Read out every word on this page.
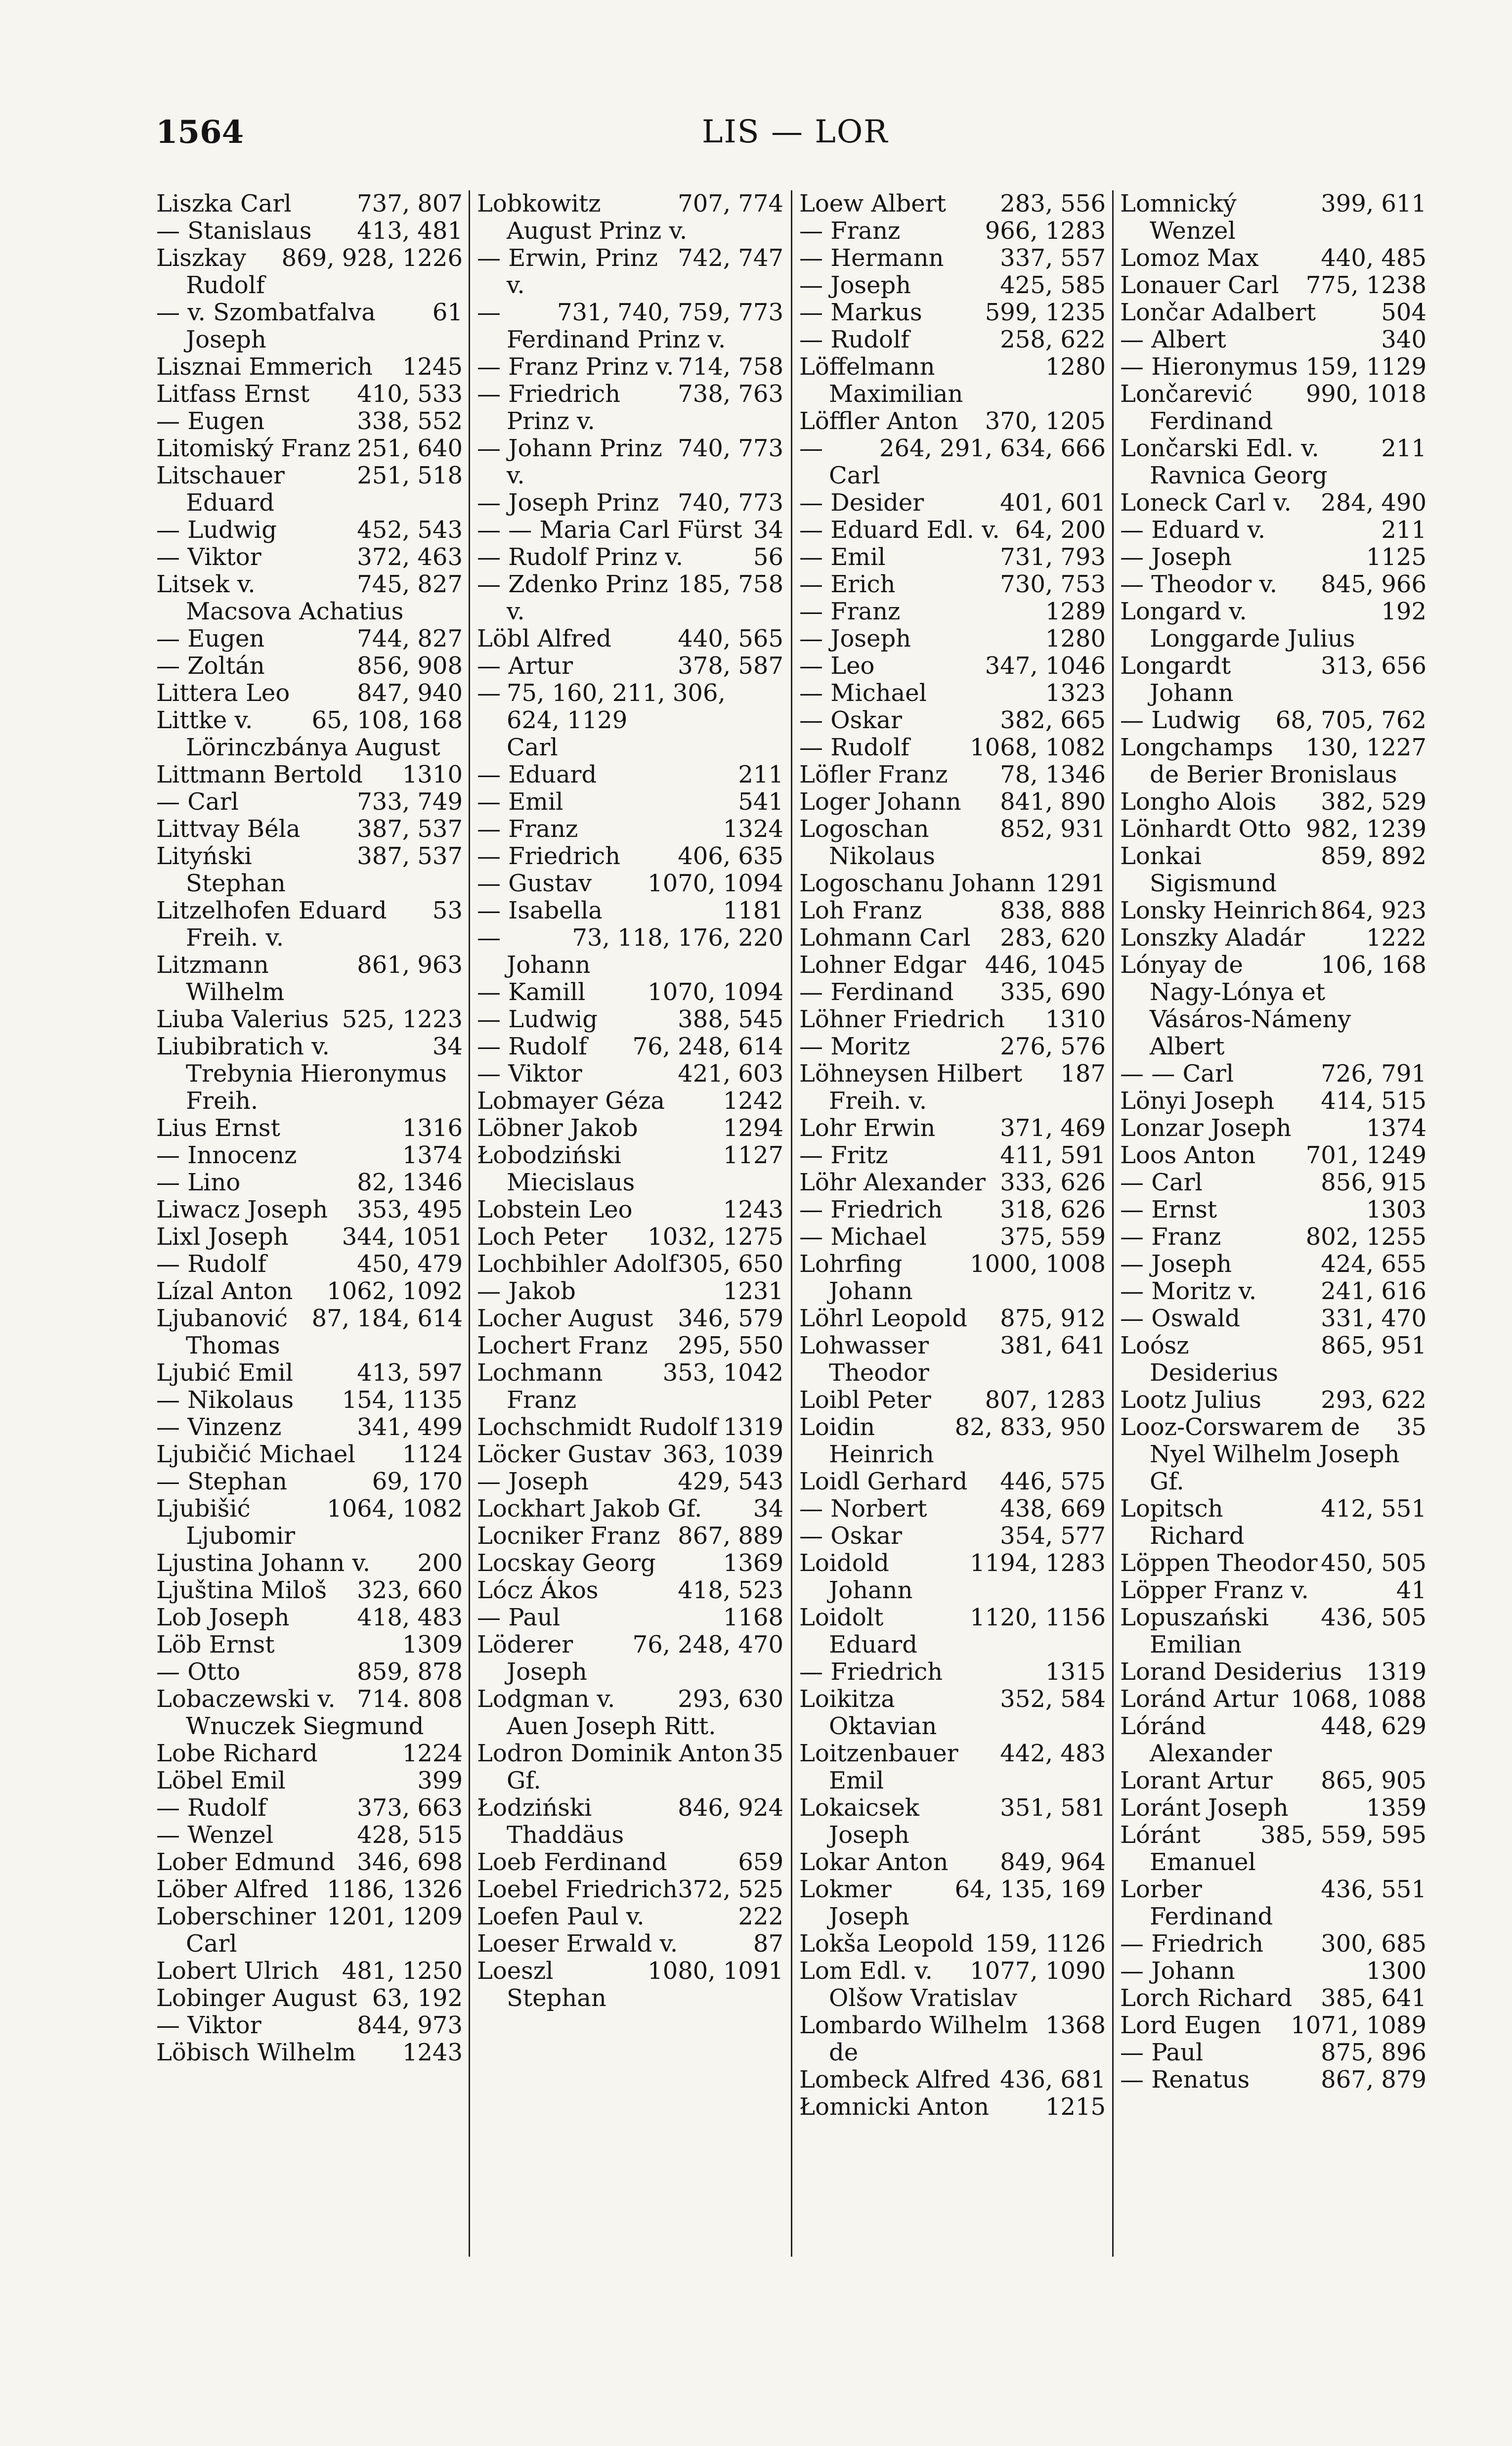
1564	LIS — LOR
737, 807
Liszka Carl
413, 481
— Stanislaus
869, 928, 1226
Liszkay Rudolf
61
— v. Szombatfalva Joseph
1245
Lisznai Emmerich
410, 533
Litfass Ernst
338, 552
— Eugen
251, 640
Litomiský Franz
251, 518
Litschauer Eduard
452, 543
— Ludwig
372, 463
— Viktor
745, 827
Litsek v. Macsova Achatius
744, 827
— Eugen
856, 908
— Zoltán
847, 940
Littera Leo
65, 108, 168
Littke v. Lörinczbánya August
1310
Littmann Bertold
733, 749
— Carl
387, 537
Littvay Béla
387, 537
Lityński Stephan
53
Litzelhofen Eduard Freih. v.
861, 963
Litzmann Wilhelm
525, 1223
Liuba Valerius
34
Liubibratich v. Trebynia Hieronymus Freih.
1316
Lius Ernst
1374
— Innocenz
82, 1346
— Lino
353, 495
Liwacz Joseph
344, 1051
Lixl Joseph
450, 479
— Rudolf
1062, 1092
Lízal Anton
87, 184, 614
Ljubanović Thomas
413, 597
Ljubić Emil
154, 1135
— Nikolaus
341, 499
— Vinzenz
1124
Ljubičić Michael
69, 170
— Stephan
1064, 1082
Ljubišić Ljubomir
200
Ljustina Johann v.
323, 660
Ljuština Miloš
418, 483
Lob Joseph
1309
Löb Ernst
859, 878
— Otto
714. 808
Lobaczewski v. Wnuczek Siegmund
1224
Lobe Richard
399
Löbel Emil
373, 663
— Rudolf
428, 515
— Wenzel
346, 698
Lober Edmund
1186, 1326
Löber Alfred
1201, 1209
Loberschiner Carl
481, 1250
Lobert Ulrich
63, 192
Lobinger August
844, 973
— Viktor
1243
Löbisch Wilhelm
707, 774
Lobkowitz August Prinz v.
742, 747
— Erwin, Prinz v.
731, 740, 759, 773
— Ferdinand Prinz v.
714, 758
— Franz Prinz v.
738, 763
— Friedrich Prinz v.
740, 773
— Johann Prinz v.
740, 773
— Joseph Prinz
34
— — Maria Carl Fürst
56
— Rudolf Prinz v.
185, 758
— Zdenko Prinz v.
440, 565
Löbl Alfred
378, 587
— Artur
75, 160, 211, 306, 624, 1129
— Carl
211
— Eduard
541
— Emil
1324
— Franz
406, 635
— Friedrich
1070, 1094
— Gustav
1181
— Isabella
73, 118, 176, 220
— Johann
1070, 1094
— Kamill
388, 545
— Ludwig
76, 248, 614
— Rudolf
421, 603
— Viktor
1242
Lobmayer Géza
1294
Löbner Jakob
1127
Łobodziński Miecislaus
1243
Lobstein Leo
1032, 1275
Loch Peter
305, 650
Lochbihler Adolf
1231
— Jakob
346, 579
Locher August
295, 550
Lochert Franz
353, 1042
Lochmann Franz
1319
Lochschmidt Rudolf
363, 1039
Löcker Gustav
429, 543
— Joseph
34
Lockhart Jakob Gf.
867, 889
Locniker Franz
1369
Locskay Georg
418, 523
Lócz Ákos
1168
— Paul
76, 248, 470
Löderer Joseph
293, 630
Lodgman v. Auen Joseph Ritt.
35
Lodron Dominik Anton Gf.
846, 924
Łodziński Thaddäus
659
Loeb Ferdinand
372, 525
Loebel Friedrich
222
Loefen Paul v.
87
Loeser Erwald v.
1080, 1091
Loeszl Stephan
283, 556
Loew Albert
966, 1283
— Franz
337, 557
— Hermann
425, 585
— Joseph
599, 1235
— Markus
258, 622
— Rudolf
1280
Löffelmann Maximilian
370, 1205
Löffler Anton
264, 291, 634, 666
— Carl
401, 601
— Desider
64, 200
— Eduard Edl. v.
731, 793
— Emil
730, 753
— Erich
1289
— Franz
1280
— Joseph
347, 1046
— Leo
1323
— Michael
382, 665
— Oskar
1068, 1082
— Rudolf
78, 1346
Löfler Franz
841, 890
Loger Johann
852, 931
Logoschan Nikolaus
1291
Logoschanu Johann
838, 888
Loh Franz
283, 620
Lohmann Carl
446, 1045
Lohner Edgar
335, 690
— Ferdinand
1310
Löhner Friedrich
276, 576
— Moritz
187
Löhneysen Hilbert Freih. v.
371, 469
Lohr Erwin
411, 591
— Fritz
333, 626
Löhr Alexander
318, 626
— Friedrich
375, 559
— Michael
1000, 1008
Lohrfing Johann
875, 912
Löhrl Leopold
381, 641
Lohwasser Theodor
807, 1283
Loibl Peter
82, 833, 950
Loidin Heinrich
446, 575
Loidl Gerhard
438, 669
— Norbert
354, 577
— Oskar
1194, 1283
Loidold Johann
1120, 1156
Loidolt Eduard
1315
— Friedrich
352, 584
Loikitza Oktavian
442, 483
Loitzenbauer Emil
351, 581
Lokaicsek Joseph
849, 964
Lokar Anton
64, 135, 169
Lokmer Joseph
159, 1126
Lokša Leopold
1077, 1090
Lom Edl. v. Olšow Vratislav
1368
Lombardo Wilhelm de
436, 681
Lombeck Alfred
1215
Łomnicki Anton
399, 611
Lomnický Wenzel
440, 485
Lomoz Max
775, 1238
Lonauer Carl
504
Lončar Adalbert
340
— Albert
159, 1129
— Hieronymus
990, 1018
Lončarević Ferdinand
211
Lončarski Edl. v. Ravnica Georg
284, 490
Loneck Carl v.
211
— Eduard v.
1125
— Joseph
845, 966
— Theodor v.
192
Longard v. Longgarde Julius
313, 656
Longardt Johann
68, 705, 762
— Ludwig
130, 1227
Longchamps de Berier Bronislaus
382, 529
Longho Alois
982, 1239
Lönhardt Otto
859, 892
Lonkai Sigismund
864, 923
Lonsky Heinrich
1222
Lonszky Aladár
106, 168
Lónyay de Nagy-Lónya et Vásáros-Námeny Albert
726, 791
— — Carl
414, 515
Lönyi Joseph
1374
Lonzar Joseph
701, 1249
Loos Anton
856, 915
— Carl
1303
— Ernst
802, 1255
— Franz
424, 655
— Joseph
241, 616
— Moritz v.
331, 470
— Oswald
865, 951
Loósz Desiderius
293, 622
Lootz Julius
35
Looz-Corswarem de Nyel Wilhelm Joseph Gf.
412, 551
Lopitsch Richard
450, 505
Löppen Theodor
41
Löpper Franz v.
436, 505
Lopuszański Emilian
1319
Lorand Desiderius
1068, 1088
Loránd Artur
448, 629
Lóránd Alexander
865, 905
Lorant Artur
1359
Loránt Joseph
385, 559, 595
Lóránt Emanuel
436, 551
Lorber Ferdinand
300, 685
— Friedrich
1300
— Johann
385, 641
Lorch Richard
1071, 1089
Lord Eugen
875, 896
— Paul
867, 879
— Renatus
